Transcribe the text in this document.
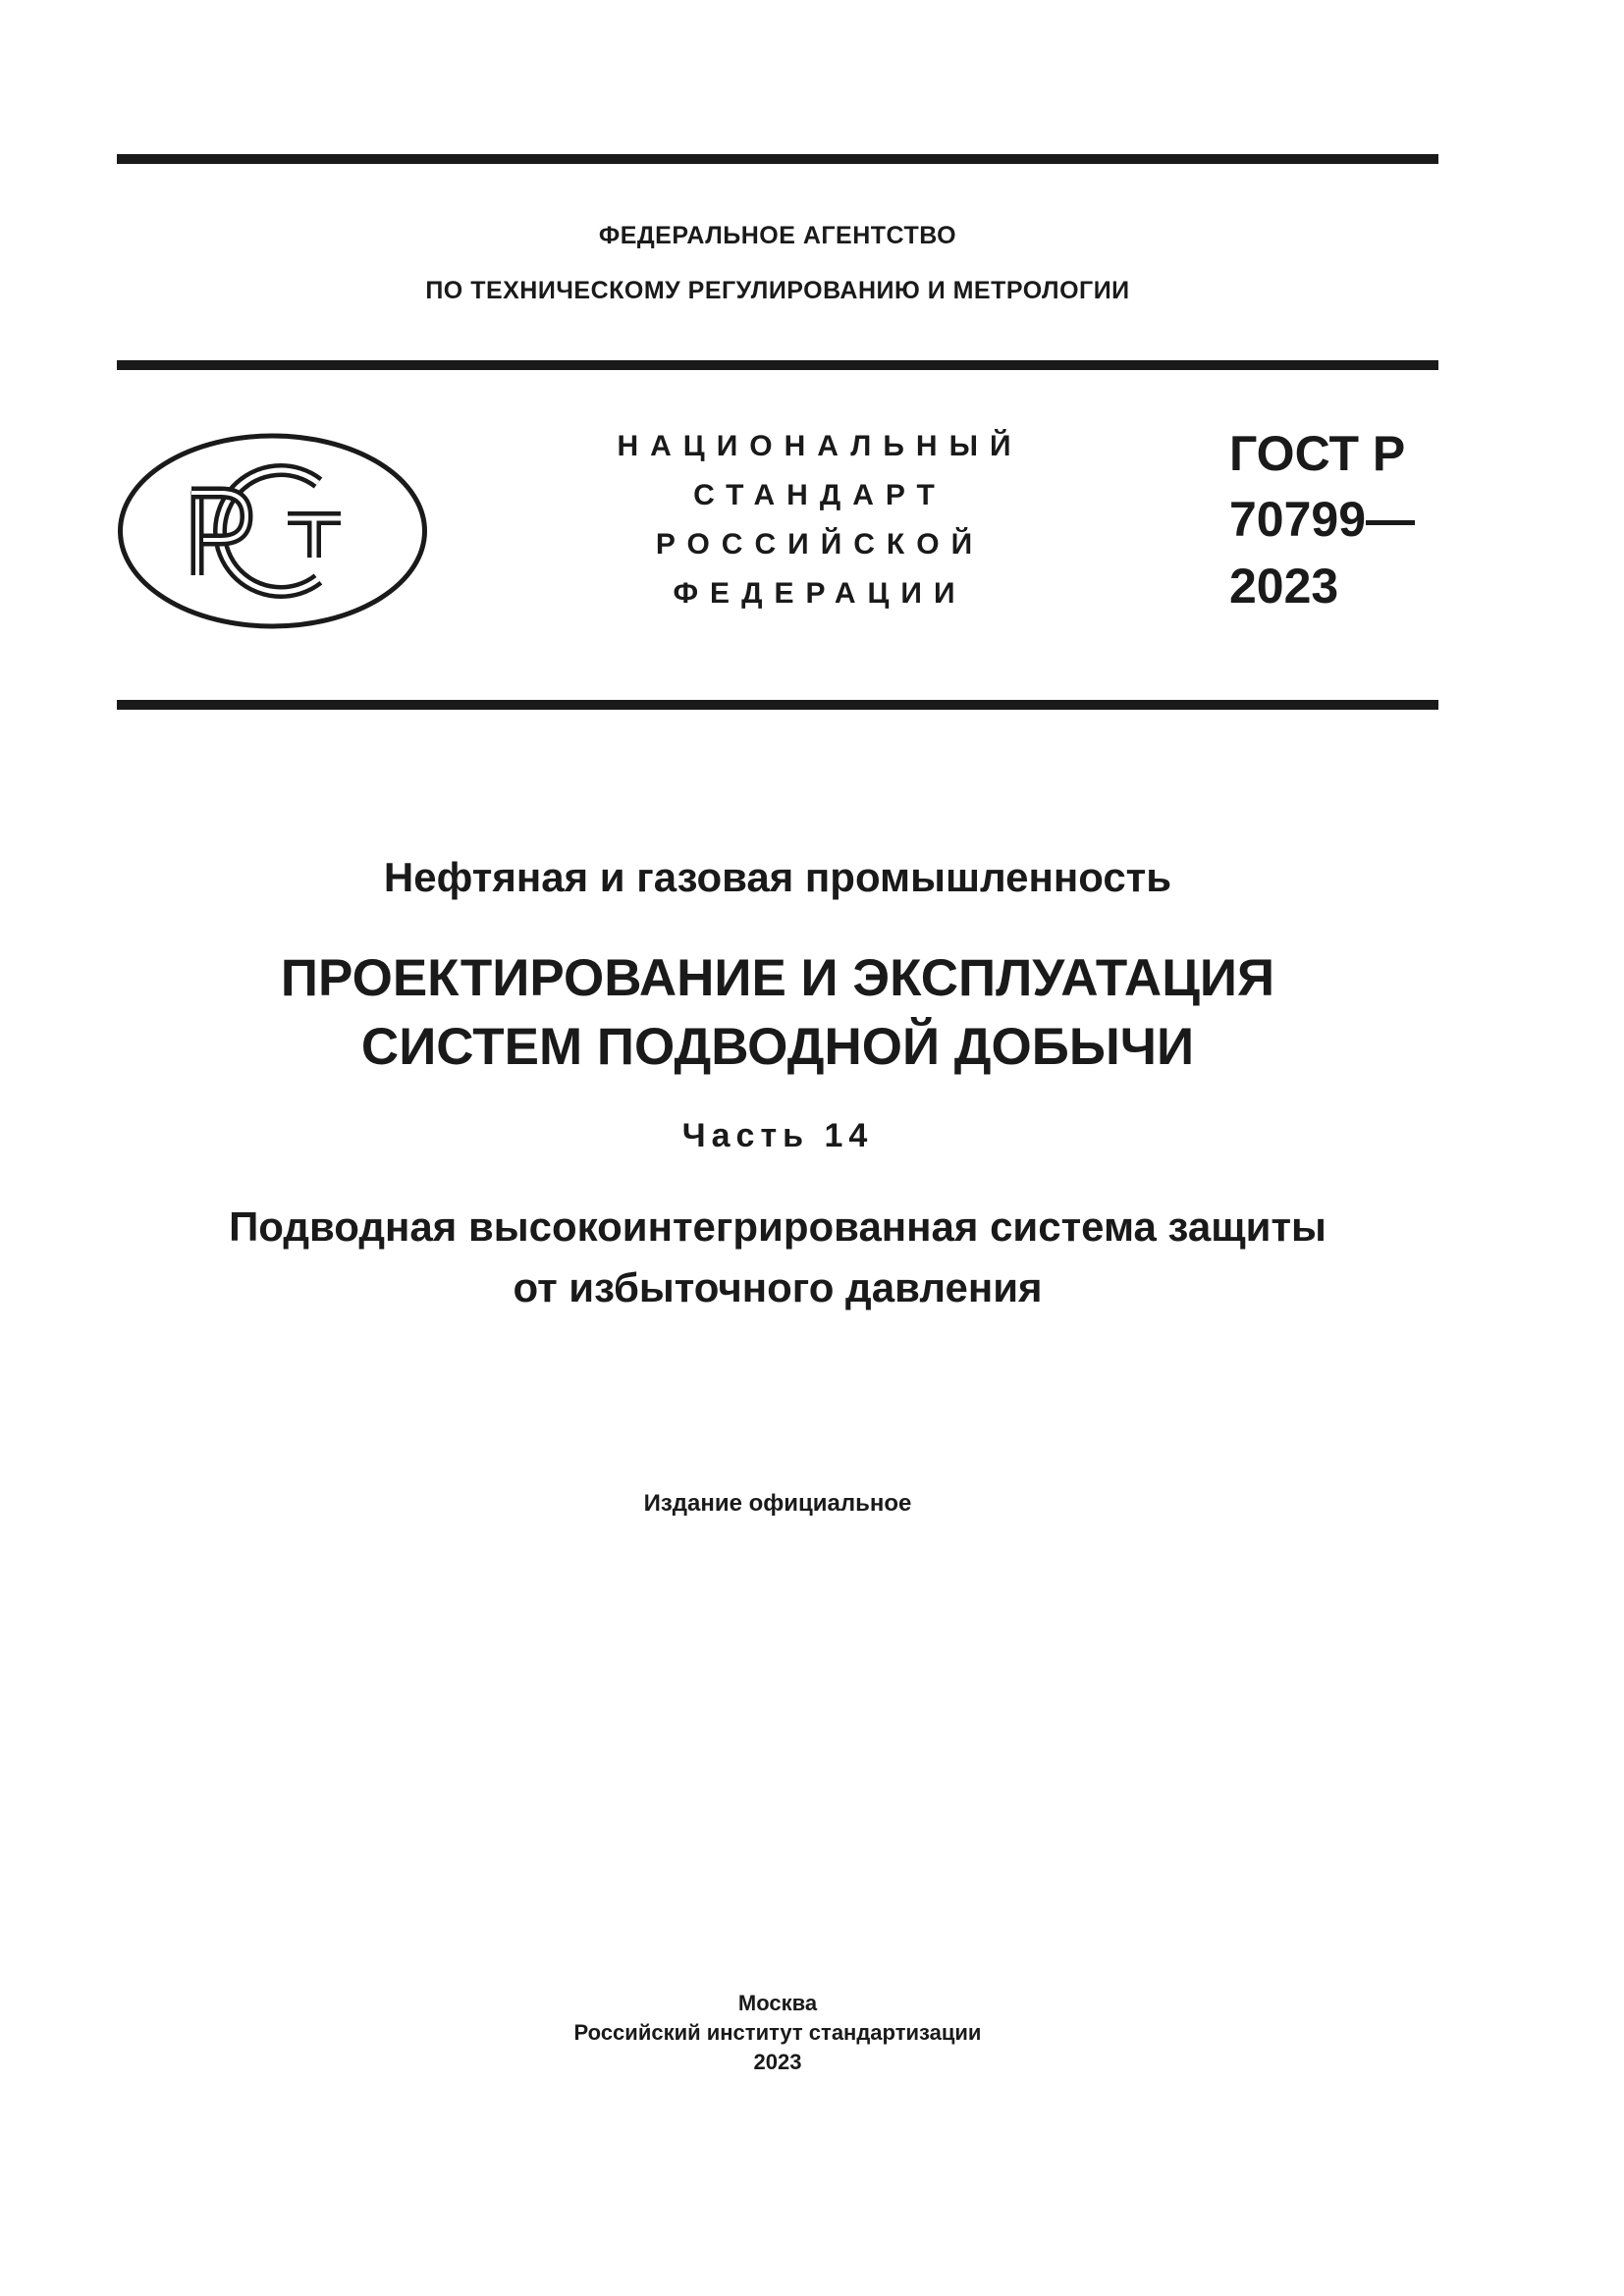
ФЕДЕРАЛЬНОЕ АГЕНТСТВО
ПО ТЕХНИЧЕСКОМУ РЕГУЛИРОВАНИЮ И МЕТРОЛОГИИ
НАЦИОНАЛЬНЫЙ
СТАНДАРТ
РОССИЙСКОЙ
ФЕДЕРАЦИИ
ГОСТ Р
70799—
2023
Нефтяная и газовая промышленность
ПРОЕКТИРОВАНИЕ И ЭКСПЛУАТАЦИЯ
СИСТЕМ ПОДВОДНОЙ ДОБЫЧИ
Часть 14
Подводная высокоинтегрированная система защиты
от избыточного давления
Издание официальное
Москва
Российский институт стандартизации
2023
